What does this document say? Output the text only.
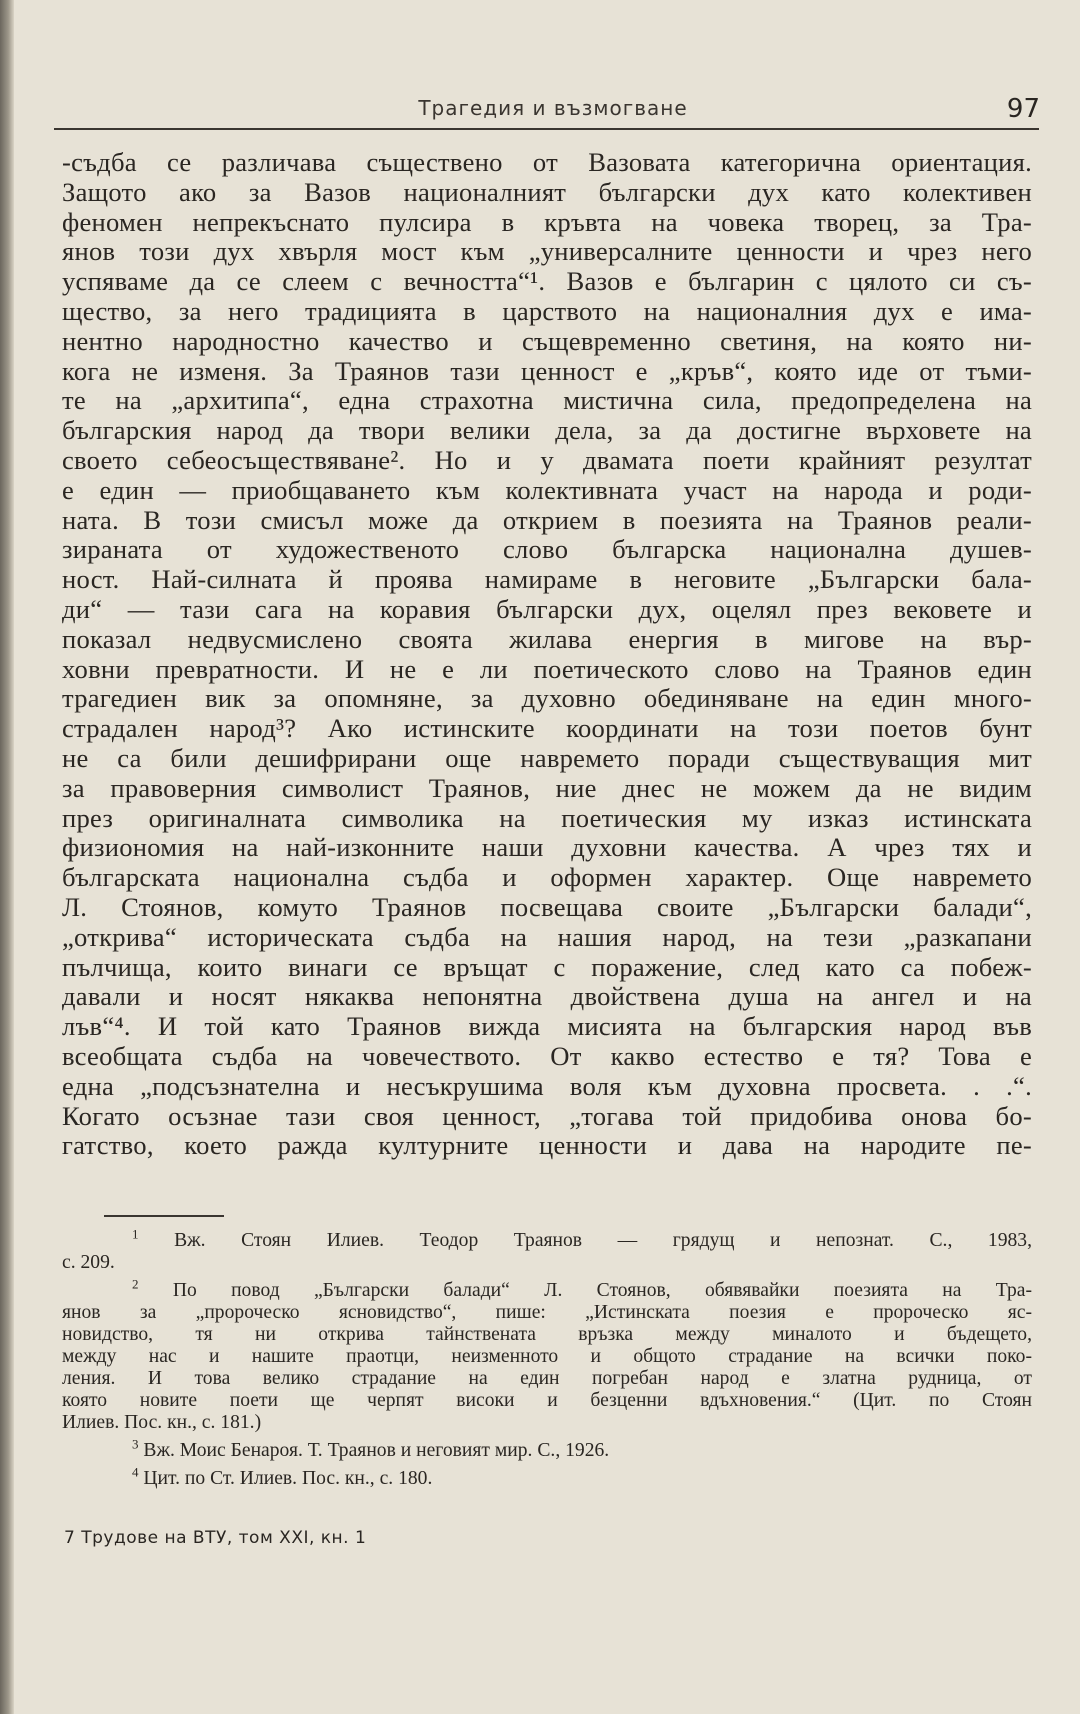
Трагедия и възмогване	97
-съдба се различава съществено от Вазовата категорична ориентация.
Защото ако за Вазов националният български дух като колективен
феномен непрекъснато пулсира в кръвта на човека творец, за Тра-
янов този дух хвърля мост към „универсалните ценности и чрез него
успяваме да се слеем с вечността“¹. Вазов е българин с цялото си съ-
щество, за него традицията в царството на националния дух е има-
нентно народностно качество и същевременно светиня, на която ни-
кога не изменя. За Траянов тази ценност е „кръв“, която иде от тъми-
те на „архитипа“, една страхотна мистична сила, предопределена на
българския народ да твори велики дела, за да достигне върховете на
своето себеосъществяване². Но и у двамата поети крайният резултат
е един — приобщаването към колективната участ на народа и роди-
ната. В този смисъл може да открием в поезията на Траянов реали-
зираната от художественото слово българска национална душев-
ност. Най-силната й проява намираме в неговите „Български бала-
ди“ — тази сага на коравия български дух, оцелял през вековете и
показал недвусмислено своята жилава енергия в мигове на вър-
ховни превратности. И не е ли поетическото слово на Траянов един
трагедиен вик за опомняне, за духовно обединяване на един много-
страдален народ³? Ако истинските координати на този поетов бунт
не са били дешифрирани още навремето поради съществуващия мит
за правоверния символист Траянов, ние днес не можем да не видим
през оригиналната символика на поетическия му изказ истинската
физиономия на най-изконните наши духовни качества. А чрез тях и
българската национална съдба и оформен характер. Още навремето
Л. Стоянов, комуто Траянов посвещава своите „Български балади“,
„открива“ историческата съдба на нашия народ, на тези „разкапани
пълчища, които винаги се връщат с поражение, след като са побеж-
давали и носят някаква непонятна двойствена душа на ангел и на
лъв“⁴. И той като Траянов вижда мисията на българския народ във
всеобщата съдба на човечеството. От какво естество е тя? Това е
една „подсъзнателна и несъкрушима воля към духовна просвета. . .“.
Когато осъзнае тази своя ценност, „тогава той придобива онова бо-
гатство, което ражда културните ценности и дава на народите пе-
$^1$ Вж. Стоян Илиев. Теодор Траянов — грядущ и непознат. С., 1983,
с. 209.
$^2$ По повод „Български балади“ Л. Стоянов, обявявайки поезията на Тра-
янов за „пророческо ясновидство“, пише: „Истинската поезия е пророческо яс-
новидство, тя ни открива тайнствената връзка между миналото и бъдещето,
между нас и нашите праотци, неизменното и общото страдание на всички поко-
ления. И това велико страдание на един погребан народ е златна рудница, от
която новите поети ще черпят високи и безценни вдъхновения.“ (Цит. по Стоян
Илиев. Пос. кн., с. 181.)
$^3$ Вж. Моис Бенароя. Т. Траянов и неговият мир. С., 1926.
$^4$ Цит. по Ст. Илиев. Пос. кн., с. 180.
7 Трудове на ВТУ, том XXI, кн. 1
